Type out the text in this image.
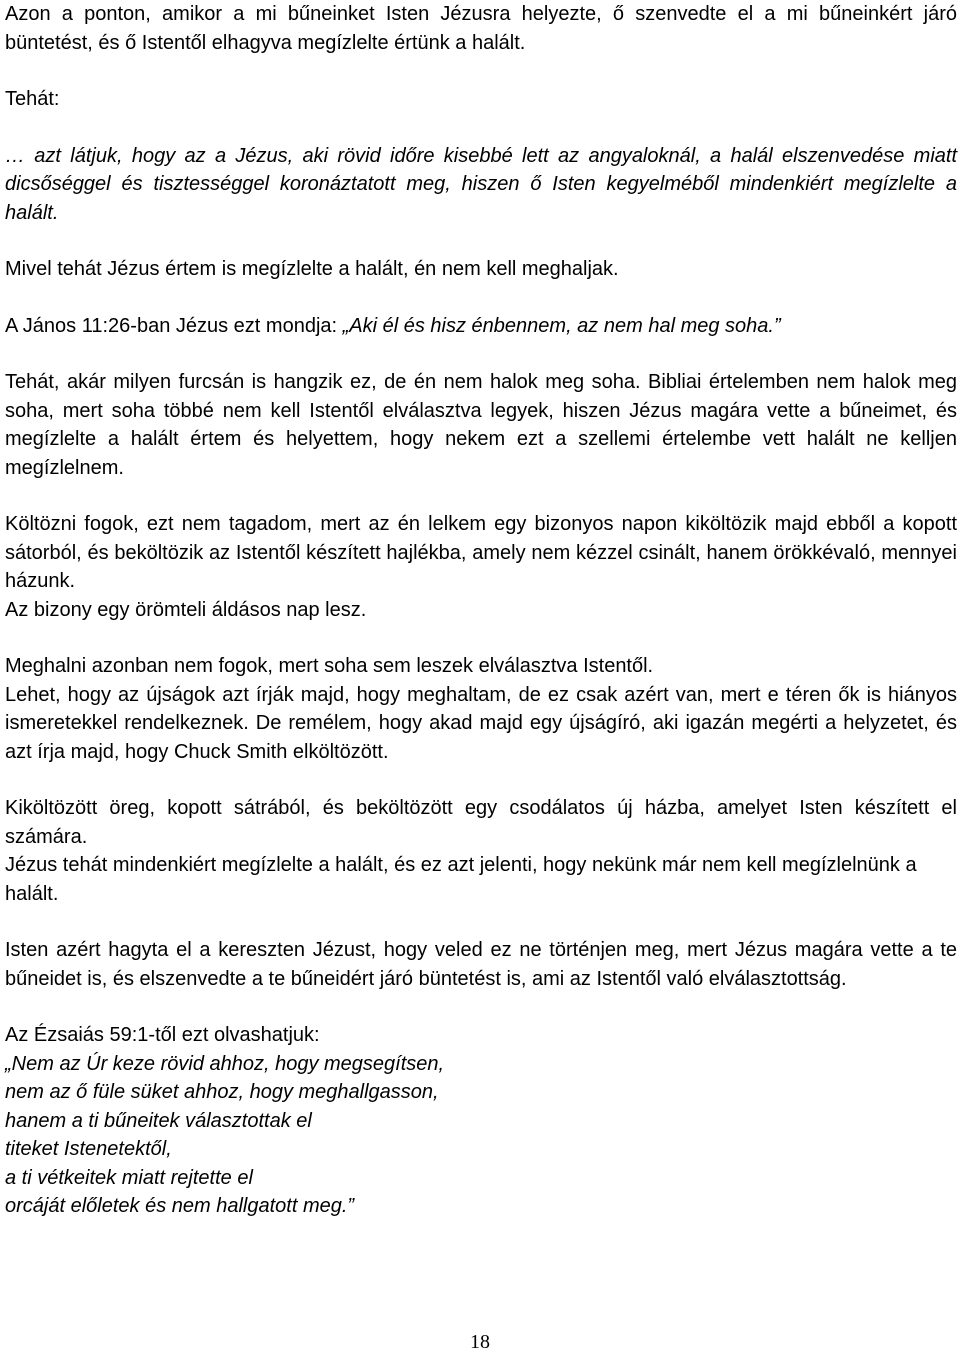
Azon a ponton, amikor a mi bűneinket Isten Jézusra helyezte, ő szenvedte el a mi bűneinkért járó büntetést, és ő Istentől elhagyva megízlelte értünk a halált.

Tehát:

… azt látjuk, hogy az a Jézus, aki rövid időre kisebbé lett az angyaloknál, a halál elszenvedése miatt dicsőséggel és tisztességgel koronáztatott meg, hiszen ő Isten kegyelméből mindenkiért megízlelte a halált.

Mivel tehát Jézus értem is megízlelte a halált, én nem kell meghaljak.

A János 11:26-ban Jézus ezt mondja: „Aki él és hisz énbennem, az nem hal meg soha.”

Tehát, akár milyen furcsán is hangzik ez, de én nem halok meg soha. Bibliai értelemben nem halok meg soha, mert soha többé nem kell Istentől elválasztva legyek, hiszen Jézus magára vette a bűneimet, és megízlelte a halált értem és helyettem, hogy nekem ezt a szellemi értelembe vett halált ne kelljen megízlelnem.

Költözni fogok, ezt nem tagadom, mert az én lelkem egy bizonyos napon kiköltözik majd ebből a kopott sátorból, és beköltözik az Istentől készített hajlékba, amely nem kézzel csinált, hanem örökkévaló, mennyei házunk.

Az bizony egy örömteli áldásos nap lesz.

Meghalni azonban nem fogok, mert soha sem leszek elválasztva Istentől.

Lehet, hogy az újságok azt írják majd, hogy meghaltam, de ez csak azért van, mert e téren ők is hiányos ismeretekkel rendelkeznek. De remélem, hogy akad majd egy újságíró, aki igazán megérti a helyzetet, és azt írja majd, hogy Chuck Smith elköltözött.

Kiköltözött öreg, kopott sátrából, és beköltözött egy csodálatos új házba, amelyet Isten készített el számára.

Jézus tehát mindenkiért megízlelte a halált, és ez azt jelenti, hogy nekünk már nem kell megízlelnünk a halált.

Isten azért hagyta el a kereszten Jézust, hogy veled ez ne történjen meg, mert Jézus magára vette a te bűneidet is, és elszenvedte a te bűneidért járó büntetést is, ami az Istentől való elválasztottság.

Az Ézsaiás 59:1-től ezt olvashatjuk:

„Nem az Úr keze rövid ahhoz, hogy megsegítsen,
nem az ő füle süket ahhoz, hogy meghallgasson,
hanem a ti bűneitek választottak el
titeket Istenetektől,
a ti vétkeitek miatt rejtette el
orcáját előletek és nem hallgatott meg.”
18
